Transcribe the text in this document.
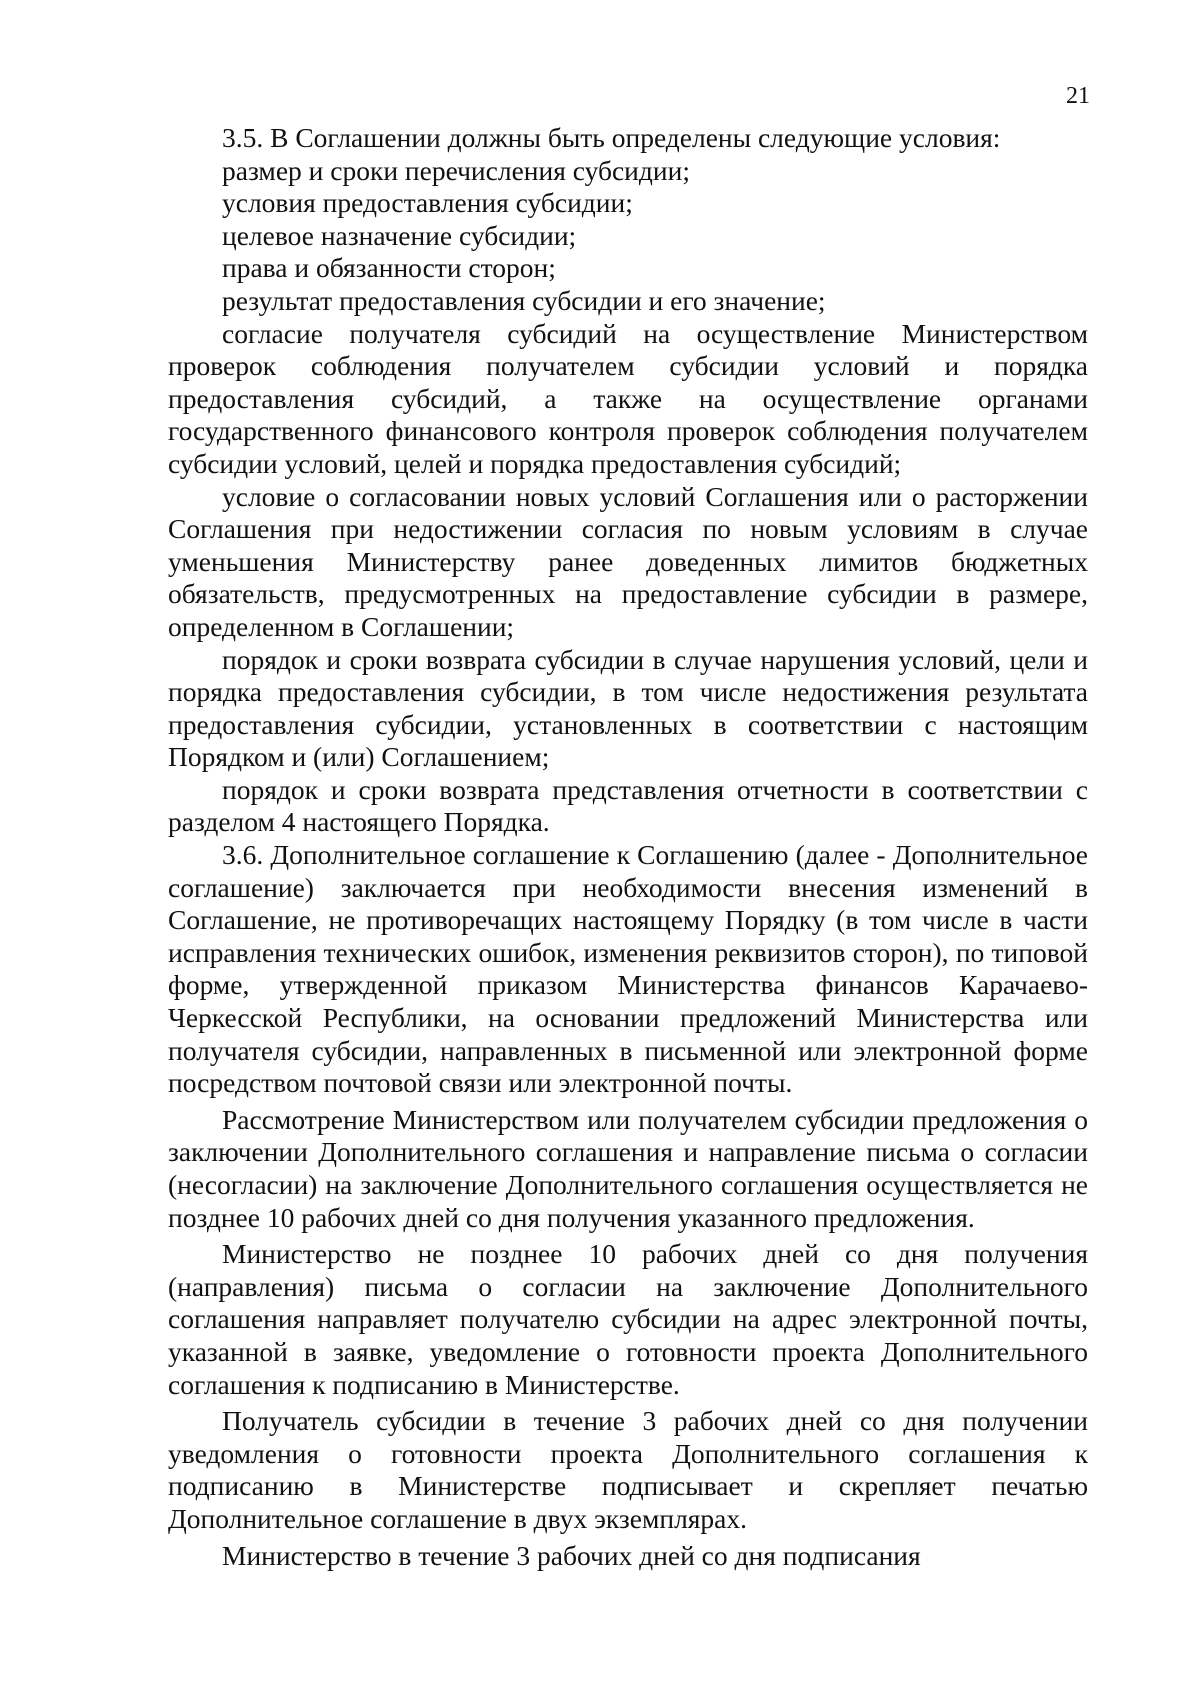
21

3.5. В Соглашении должны быть определены следующие условия:

размер и сроки перечисления субсидии;

условия предоставления субсидии;

целевое назначение субсидии;

права и обязанности сторон;

результат предоставления субсидии и его значение;

согласие получателя субсидий на осуществление Министерством проверок соблюдения получателем субсидии условий и порядка предоставления субсидий, а также на осуществление органами государственного финансового контроля проверок соблюдения получателем субсидии условий, целей и порядка предоставления субсидий;

условие о согласовании новых условий Соглашения или о расторжении Соглашения при недостижении согласия по новым условиям в случае уменьшения Министерству ранее доведенных лимитов бюджетных обязательств, предусмотренных на предоставление субсидии в размере, определенном в Соглашении;

порядок и сроки возврата субсидии в случае нарушения условий, цели и порядка предоставления субсидии, в том числе недостижения результата предоставления субсидии, установленных в соответствии с настоящим Порядком и (или) Соглашением;

порядок и сроки возврата представления отчетности в соответствии с разделом 4 настоящего Порядка.

3.6. Дополнительное соглашение к Соглашению (далее - Дополнительное соглашение) заключается при необходимости внесения изменений в Соглашение, не противоречащих настоящему Порядку (в том числе в части исправления технических ошибок, изменения реквизитов сторон), по типовой форме, утвержденной приказом Министерства финансов Карачаево-Черкесской Республики, на основании предложений Министерства или получателя субсидии, направленных в письменной или электронной форме посредством почтовой связи или электронной почты.

Рассмотрение Министерством или получателем субсидии предложения о заключении Дополнительного соглашения и направление письма о согласии (несогласии) на заключение Дополнительного соглашения осуществляется не позднее 10 рабочих дней со дня получения указанного предложения.

Министерство не позднее 10 рабочих дней со дня получения (направления) письма о согласии на заключение Дополнительного соглашения направляет получателю субсидии на адрес электронной почты, указанной в заявке, уведомление о готовности проекта Дополнительного соглашения к подписанию в Министерстве.

Получатель субсидии в течение 3 рабочих дней со дня получении уведомления о готовности проекта Дополнительного соглашения к подписанию в Министерстве подписывает и скрепляет печатью Дополнительное соглашение в двух экземплярах.

Министерство в течение 3 рабочих дней со дня подписания
